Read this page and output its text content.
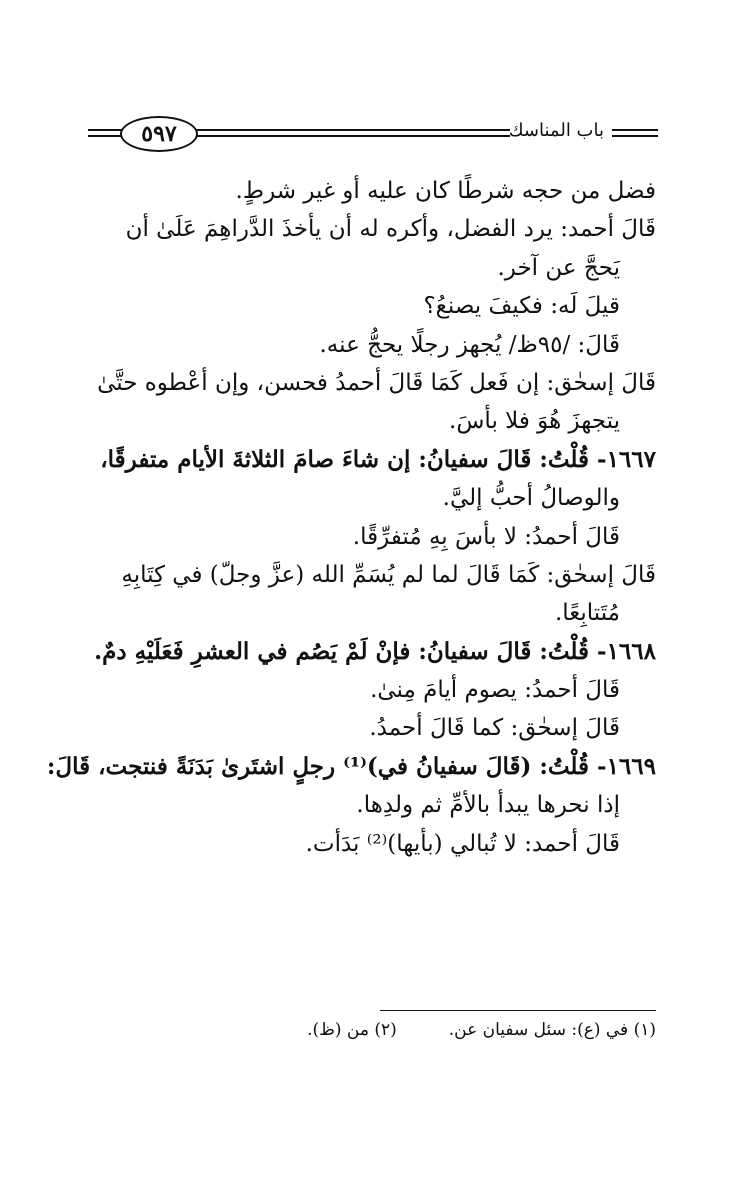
٥٩٧	باب المناسك
فضل من حجه شرطًا كان عليه أو غير شرطٍ.
قَالَ أحمد: يرد الفضل، وأكره له أن يأخذَ الدَّراهِمَ عَلَىٰ أن
يَحجَّ عن آخر.
قيلَ لَه: فكيفَ يصنعُ؟
قَالَ: /٩٥ظ/ يُجهز رجلًا يحجُّ عنه.
قَالَ إسحٰق: إن فَعل كَمَا قَالَ أحمدُ فحسن، وإن أعْطوه حتَّىٰ
يتجهزَ هُوَ فلا بأسَ.
١٦٦٧- قُلْتُ: قَالَ سفيانُ: إن شاءَ صامَ الثلاثةَ الأيام متفرقًا،
والوصالُ أحبُّ إليَّ.
قَالَ أحمدُ: لا بأسَ بِهِ مُتفرِّقًا.
قَالَ إسحٰق: كَمَا قَالَ لما لم يُسَمِّ الله (عزَّ وجلّ) في كِتَابِهِ
مُتَتابِعًا.
١٦٦٨- قُلْتُ: قَالَ سفيانُ: فإنْ لَمْ يَصُم في العشرِ فَعَلَيْهِ دمٌ.
قَالَ أحمدُ: يصوم أيامَ مِنىٰ.
قَالَ إسحٰق: كما قَالَ أحمدُ.
١٦٦٩- قُلْتُ: (قَالَ سفيانُ في)⁽¹⁾ رجلٍ اشتَرىٰ بَدَنَةً فنتجت، قَالَ:
إذا نحرها يبدأ بالأمِّ ثم ولدِها.
قَالَ أحمد: لا تُبالي (بأيها)⁽²⁾ بَدَأت.
(١) في (ع): سئل سفيان عن.
(٢) من (ظ).
